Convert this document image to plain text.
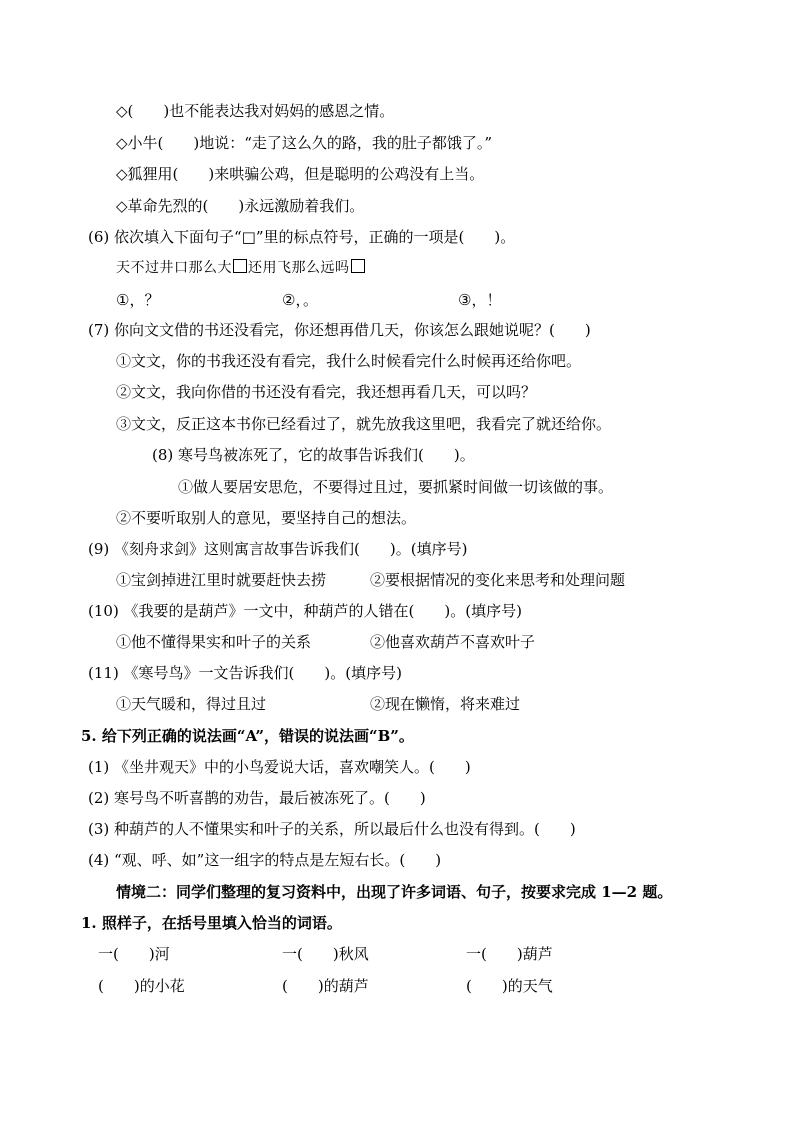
◇(　　)也不能表达我对妈妈的感恩之情。
◇小牛(　　)地说：“走了这么久的路，我的肚子都饿了。”
◇狐狸用(　　)来哄骗公鸡，但是聪明的公鸡没有上当。
◇革命先烈的(　　)永远激励着我们。
(6) 依次填入下面句子“□”里的标点符号，正确的一项是(　　)。
天不过井口那么大 还用飞那么远吗
①，？	②，。	③，！
(7) 你向文文借的书还没看完，你还想再借几天，你该怎么跟她说呢？(　　)
①文文，你的书我还没有看完，我什么时候看完什么时候再还给你吧。
②文文，我向你借的书还没有看完，我还想再看几天，可以吗？
③文文，反正这本书你已经看过了，就先放我这里吧，我看完了就还给你。
(8) 寒号鸟被冻死了，它的故事告诉我们(　　)。
①做人要居安思危，不要得过且过，要抓紧时间做一切该做的事。
②不要听取别人的意见，要坚持自己的想法。
(9) 《刻舟求剑》这则寓言故事告诉我们(　　)。(填序号)
①宝剑掉进江里时就要赶快去捞	②要根据情况的变化来思考和处理问题
(10) 《我要的是葫芦》一文中，种葫芦的人错在(　　)。(填序号)
①他不懂得果实和叶子的关系	②他喜欢葫芦不喜欢叶子
(11) 《寒号鸟》一文告诉我们(　　)。(填序号)
①天气暖和，得过且过	②现在懒惰，将来难过
5. 给下列正确的说法画“A”，错误的说法画“B”。
(1) 《坐井观天》中的小鸟爱说大话，喜欢嘲笑人。(　　)
(2) 寒号鸟不听喜鹊的劝告，最后被冻死了。(　　)
(3) 种葫芦的人不懂果实和叶子的关系，所以最后什么也没有得到。(　　)
(4) “观、呼、如”这一组字的特点是左短右长。(　　)
情境二：同学们整理的复习资料中，出现了许多词语、句子，按要求完成 1—2 题。
1. 照样子，在括号里填入恰当的词语。
一(　　)河	一(　　)秋风	一(　　)葫芦
(　　)的小花	(　　)的葫芦	(　　)的天气
